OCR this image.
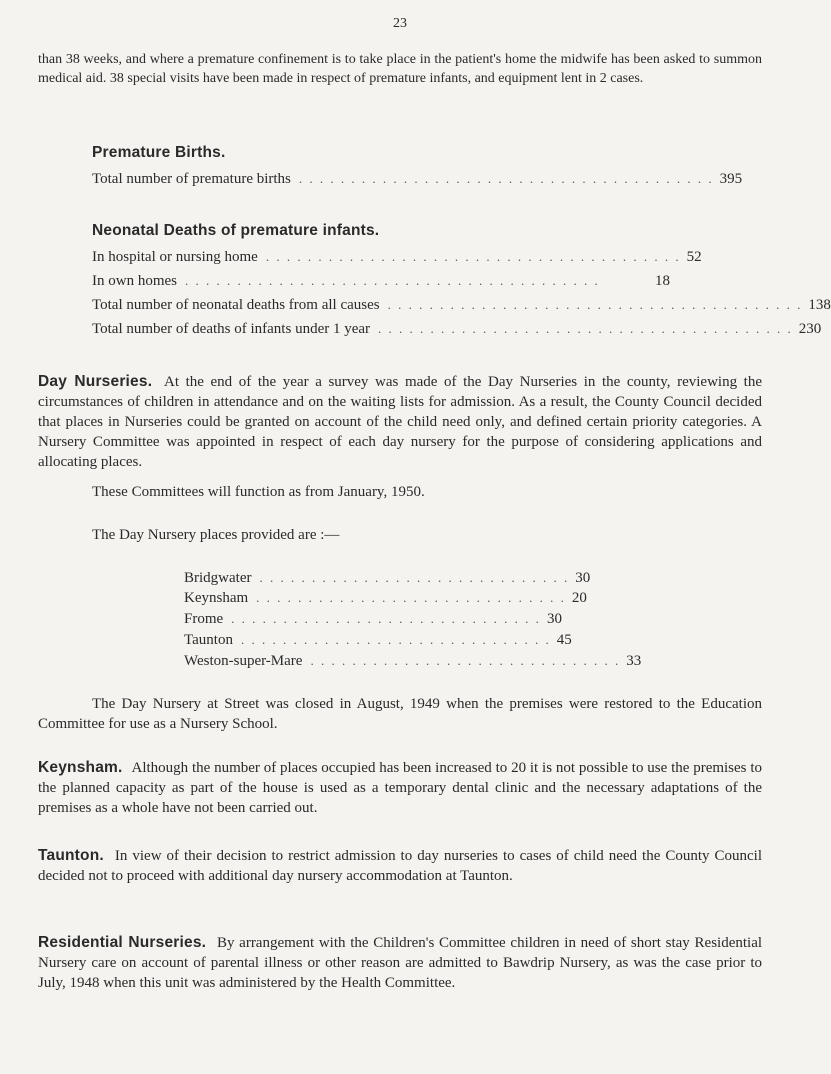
23
than 38 weeks, and where a premature confinement is to take place in the patient's home the midwife has been asked to summon medical aid. 38 special visits have been made in respect of premature infants, and equipment lent in 2 cases.
Premature Births.
Total number of premature births . . . . . . . . . . . . . . . . . . . . . . . . . . . . . . . . . . . . . . . . 395
Neonatal Deaths of premature infants.
In hospital or nursing home . . . . . . . . . . . . . . . . . . . . . . . . . . . . . . . . . . . . . . . . 52
In own homes . . . . . . . . . . . . . . . . . . . . . . . . . . . . . . . . . . . . . . . .	18
Total number of neonatal deaths from all causes . . . . . . . . . . . . . . . . . . . . . . . . . . . . . . . . . . . . . . . . 138
Total number of deaths of infants under 1 year . . . . . . . . . . . . . . . . . . . . . . . . . . . . . . . . . . . . . . . . 230
Day Nurseries. At the end of the year a survey was made of the Day Nurseries in the county, reviewing the circumstances of children in attendance and on the waiting lists for admission. As a result, the County Council decided that places in Nurseries could be granted on account of the child need only, and defined certain priority categories. A Nursery Committee was appointed in respect of each day nursery for the purpose of considering applications and allocating places.
These Committees will function as from January, 1950.
The Day Nursery places provided are :—
Bridgwater . . . . . . . . . . . . . . . . . . . . . . . . . . . . . . 30
Keynsham . . . . . . . . . . . . . . . . . . . . . . . . . . . . . . 20
Frome . . . . . . . . . . . . . . . . . . . . . . . . . . . . . . 30
Taunton . . . . . . . . . . . . . . . . . . . . . . . . . . . . . . 45
Weston-super-Mare . . . . . . . . . . . . . . . . . . . . . . . . . . . . . . 33
The Day Nursery at Street was closed in August, 1949 when the premises were restored to the Education Committee for use as a Nursery School.
Keynsham. Although the number of places occupied has been increased to 20 it is not possible to use the premises to the planned capacity as part of the house is used as a temporary dental clinic and the necessary adaptations of the premises as a whole have not been carried out.
Taunton. In view of their decision to restrict admission to day nurseries to cases of child need the County Council decided not to proceed with additional day nursery accommodation at Taunton.
Residential Nurseries. By arrangement with the Children's Committee children in need of short stay Residential Nursery care on account of parental illness or other reason are admitted to Bawdrip Nursery, as was the case prior to July, 1948 when this unit was administered by the Health Committee.
